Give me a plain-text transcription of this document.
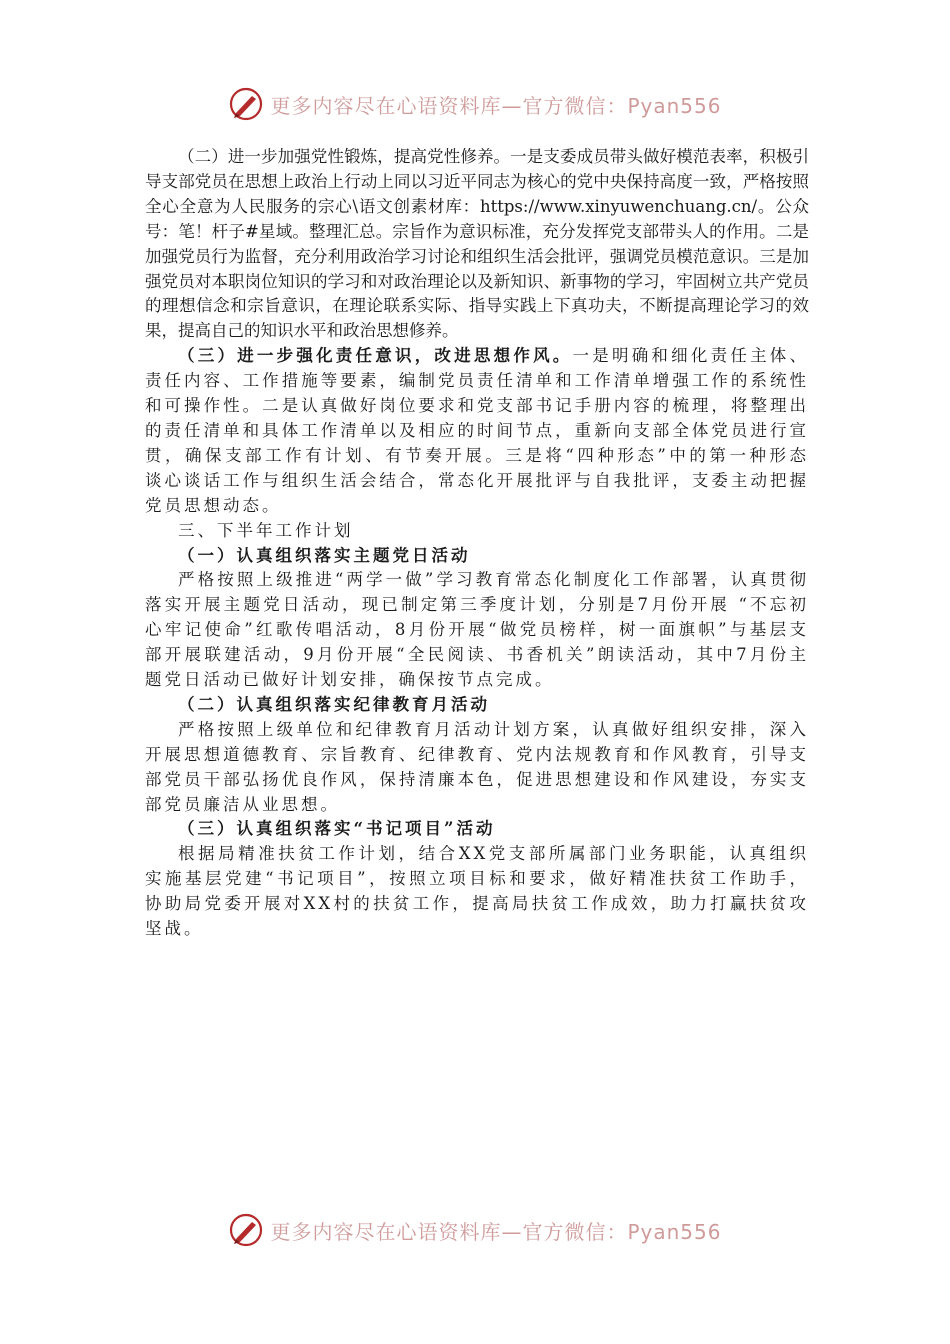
更多内容尽在心语资料库—官方微信：Pyan556

（二）进一步加强党性锻炼，提高党性修养。一是支委成员带头做好模范表率，积极引导支部党员在思想上政治上行动上同以习近平同志为核心的党中央保持高度一致，严格按照全心全意为人民服务的宗心\语文创素材库：https://www.xinyuwenchuang.cn/。公众号：笔！杆子#星域。整理汇总。宗旨作为意识标准，充分发挥党支部带头人的作用。二是加强党员行为监督，充分利用政治学习讨论和组织生活会批评，强调党员模范意识。三是加强党员对本职岗位知识的学习和对政治理论以及新知识、新事物的学习，牢固树立共产党员的理想信念和宗旨意识，在理论联系实际、指导实践上下真功夫，不断提高理论学习的效果，提高自己的知识水平和政治思想修养。

（三）进一步强化责任意识，改进思想作风。一是明确和细化责任主体、责任内容、工作措施等要素，编制党员责任清单和工作清单增强工作的系统性和可操作性。二是认真做好岗位要求和党支部书记手册内容的梳理，将整理出的责任清单和具体工作清单以及相应的时间节点，重新向支部全体党员进行宣贯，确保支部工作有计划、有节奏开展。三是将“四种形态”中的第一种形态谈心谈话工作与组织生活会结合，常态化开展批评与自我批评，支委主动把握党员思想动态。

三、下半年工作计划

（一）认真组织落实主题党日活动

严格按照上级推进“两学一做”学习教育常态化制度化工作部署，认真贯彻落实开展主题党日活动，现已制定第三季度计划，分别是7月份开展 “不忘初心牢记使命”红歌传唱活动，8月份开展“做党员榜样，树一面旗帜”与基层支部开展联建活动，9月份开展“全民阅读、书香机关”朗读活动，其中7月份主题党日活动已做好计划安排，确保按节点完成。

（二）认真组织落实纪律教育月活动

严格按照上级单位和纪律教育月活动计划方案，认真做好组织安排，深入开展思想道德教育、宗旨教育、纪律教育、党内法规教育和作风教育，引导支部党员干部弘扬优良作风，保持清廉本色，促进思想建设和作风建设，夯实支部党员廉洁从业思想。

（三）认真组织落实“书记项目”活动

根据局精准扶贫工作计划，结合XX党支部所属部门业务职能，认真组织实施基层党建“书记项目”，按照立项目标和要求，做好精准扶贫工作助手，协助局党委开展对XX村的扶贫工作，提高局扶贫工作成效，助力打赢扶贫攻坚战。

更多内容尽在心语资料库—官方微信：Pyan556
